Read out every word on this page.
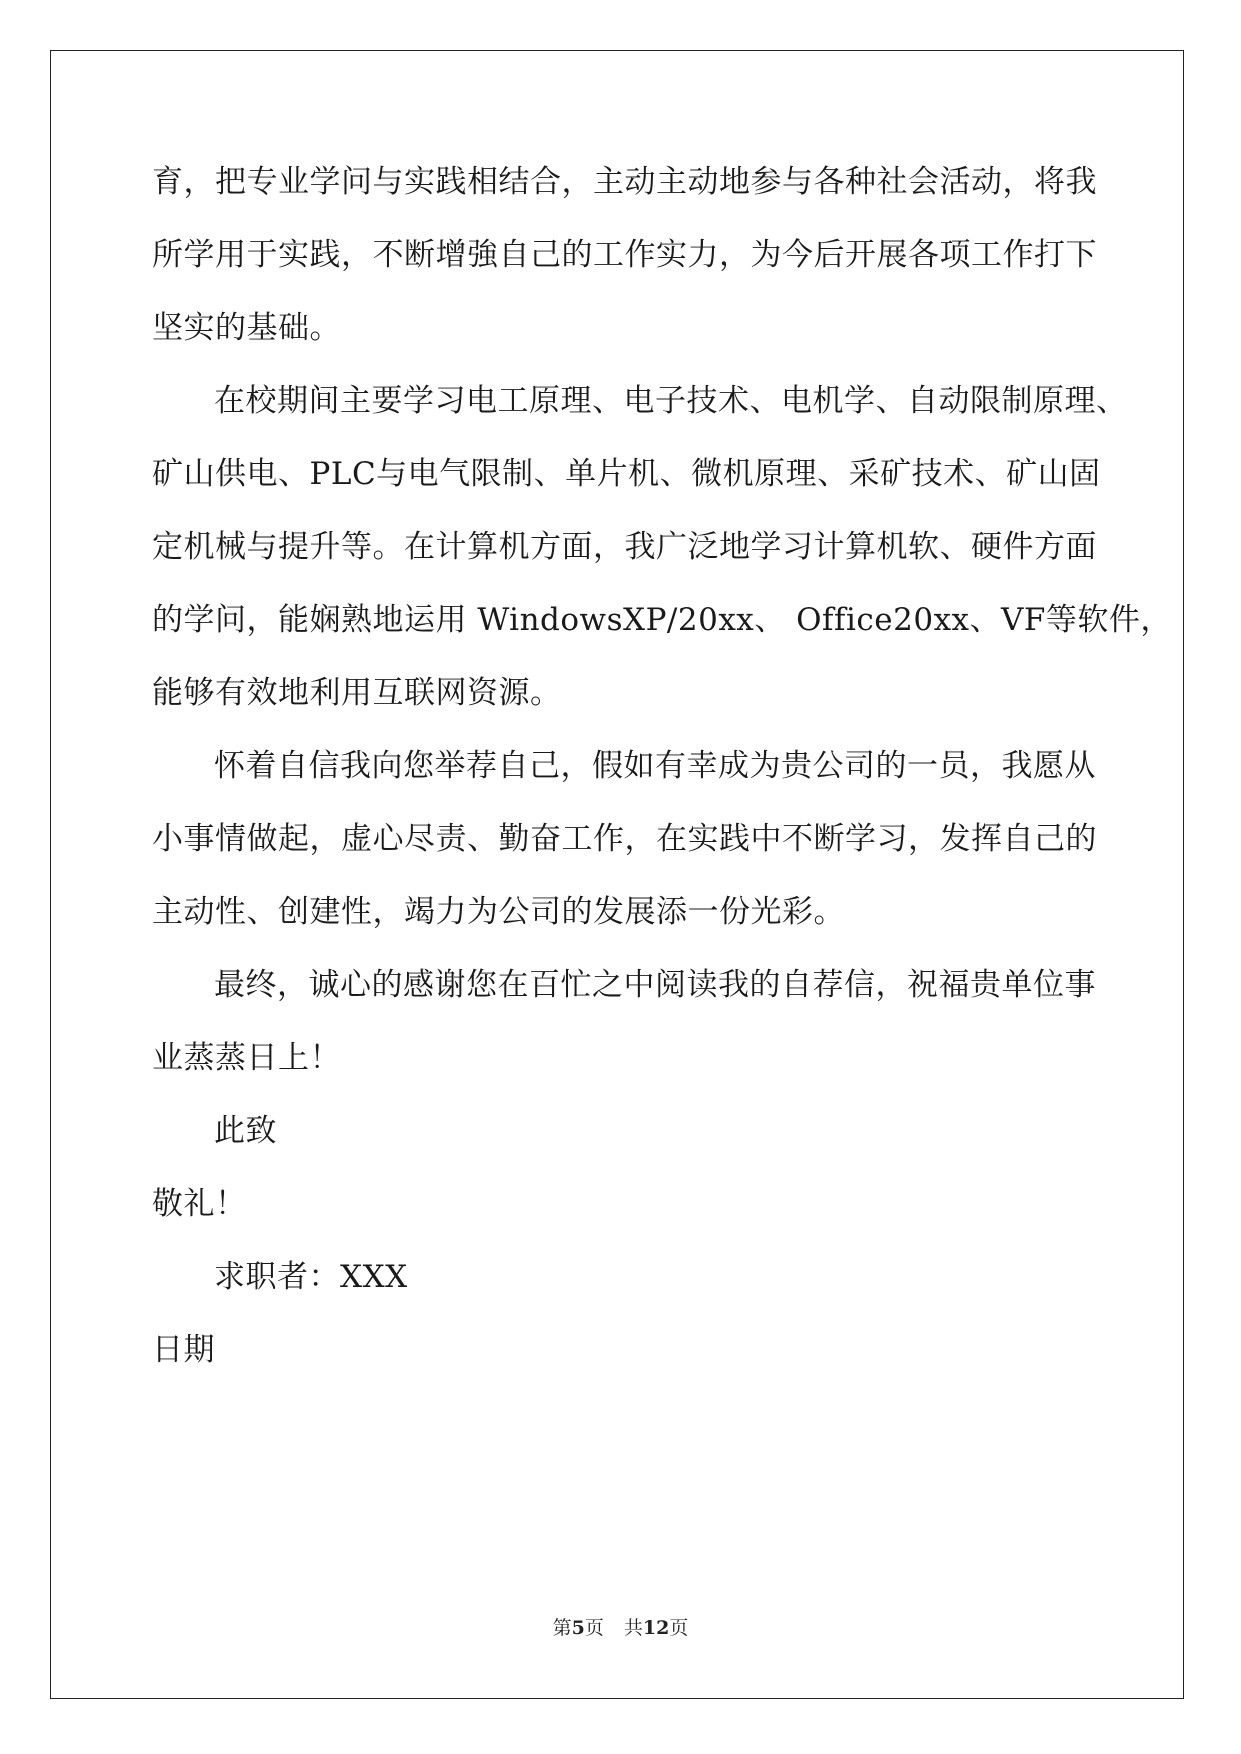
育，把专业学问与实践相结合，主动主动地参与各种社会活动，将我
所学用于实践，不断增強自己的工作实力，为今后开展各项工作打下
坚实的基础。
在校期间主要学习电工原理、电子技术、电机学、自动限制原理、
矿山供电、PLC与电气限制、单片机、微机原理、采矿技术、矿山固
定机械与提升等。在计算机方面，我广泛地学习计算机软、硬件方面
的学问，能娴熟地运用 WindowsXP/20xx、 Office20xx、VF等软件，
能够有效地利用互联网资源。
怀着自信我向您举荐自己，假如有幸成为贵公司的一员，我愿从
小事情做起，虚心尽责、勤奋工作，在实践中不断学习，发挥自己的
主动性、创建性，竭力为公司的发展添一份光彩。
最终，诚心的感谢您在百忙之中阅读我的自荐信，祝福贵单位事
业蒸蒸日上！
此致
敬礼！
求职者：XXX
日期
第5页 共12页
